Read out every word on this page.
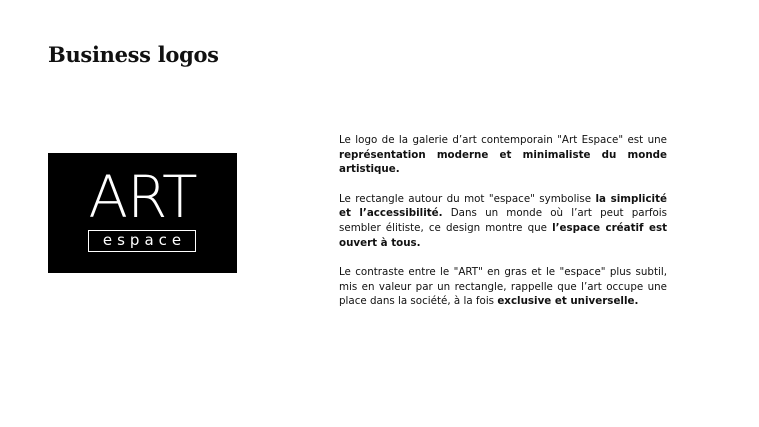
Business logos
ART
espace

Le logo de la galerie d’art contemporain "Art Espace" est une représentation moderne et minimaliste du monde artistique.

Le rectangle autour du mot "espace" symbolise la simplicité et l’accessibilité. Dans un monde où l’art peut parfois sembler élitiste, ce design montre que l’espace créatif est ouvert à tous.

Le contraste entre le "ART" en gras et le "espace" plus subtil, mis en valeur par un rectangle, rappelle que l’art occupe une place dans la société, à la fois exclusive et universelle.
